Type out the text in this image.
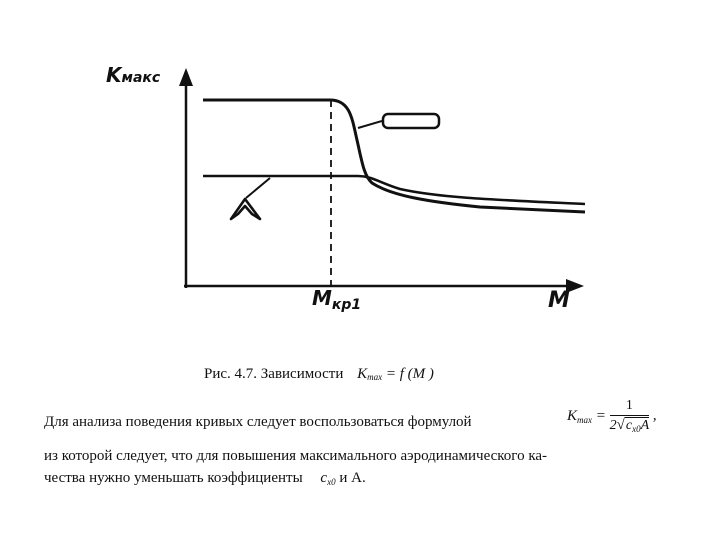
Kмакс
M
$M_{кр1}$
Рис. 4.7. Зависимости Kmax = f (M )
Для анализа поведения кривых следует воспользоваться формулой	$K_{max} = \frac{1}{2√c_{x0}A}$ ,
из которой следует, что для повышения максимального аэродинамического ка-
чества нужно уменьшать коэффициенты $c_{x0}$ и A.
